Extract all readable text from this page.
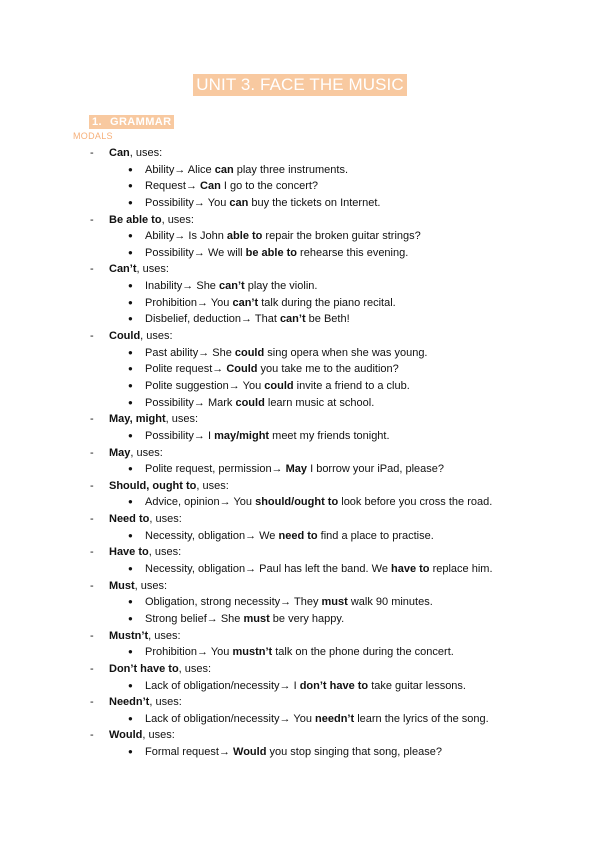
UNIT 3. FACE THE MUSIC
1. GRAMMAR
MODALS
- Can, uses:
● Ability→ Alice can play three instruments.
● Request→ Can I go to the concert?
● Possibility→ You can buy the tickets on Internet.
- Be able to, uses:
● Ability→ Is John able to repair the broken guitar strings?
● Possibility→ We will be able to rehearse this evening.
- Can’t, uses:
● Inability→ She can’t play the violin.
● Prohibition→ You can’t talk during the piano recital.
● Disbelief, deduction→ That can’t be Beth!
- Could, uses:
● Past ability→ She could sing opera when she was young.
● Polite request→ Could you take me to the audition?
● Polite suggestion→ You could invite a friend to a club.
● Possibility→ Mark could learn music at school.
- May, might, uses:
● Possibility→ I may/might meet my friends tonight.
- May, uses:
● Polite request, permission→ May I borrow your iPad, please?
- Should, ought to, uses:
● Advice, opinion→ You should/ought to look before you cross the road.
- Need to, uses:
● Necessity, obligation→ We need to find a place to practise.
- Have to, uses:
● Necessity, obligation→ Paul has left the band. We have to replace him.
- Must, uses:
● Obligation, strong necessity→ They must walk 90 minutes.
● Strong belief→ She must be very happy.
- Mustn’t, uses:
● Prohibition→ You mustn’t talk on the phone during the concert.
- Don’t have to, uses:
● Lack of obligation/necessity→ I don’t have to take guitar lessons.
- Needn’t, uses:
● Lack of obligation/necessity→ You needn’t learn the lyrics of the song.
- Would, uses:
● Formal request→ Would you stop singing that song, please?
